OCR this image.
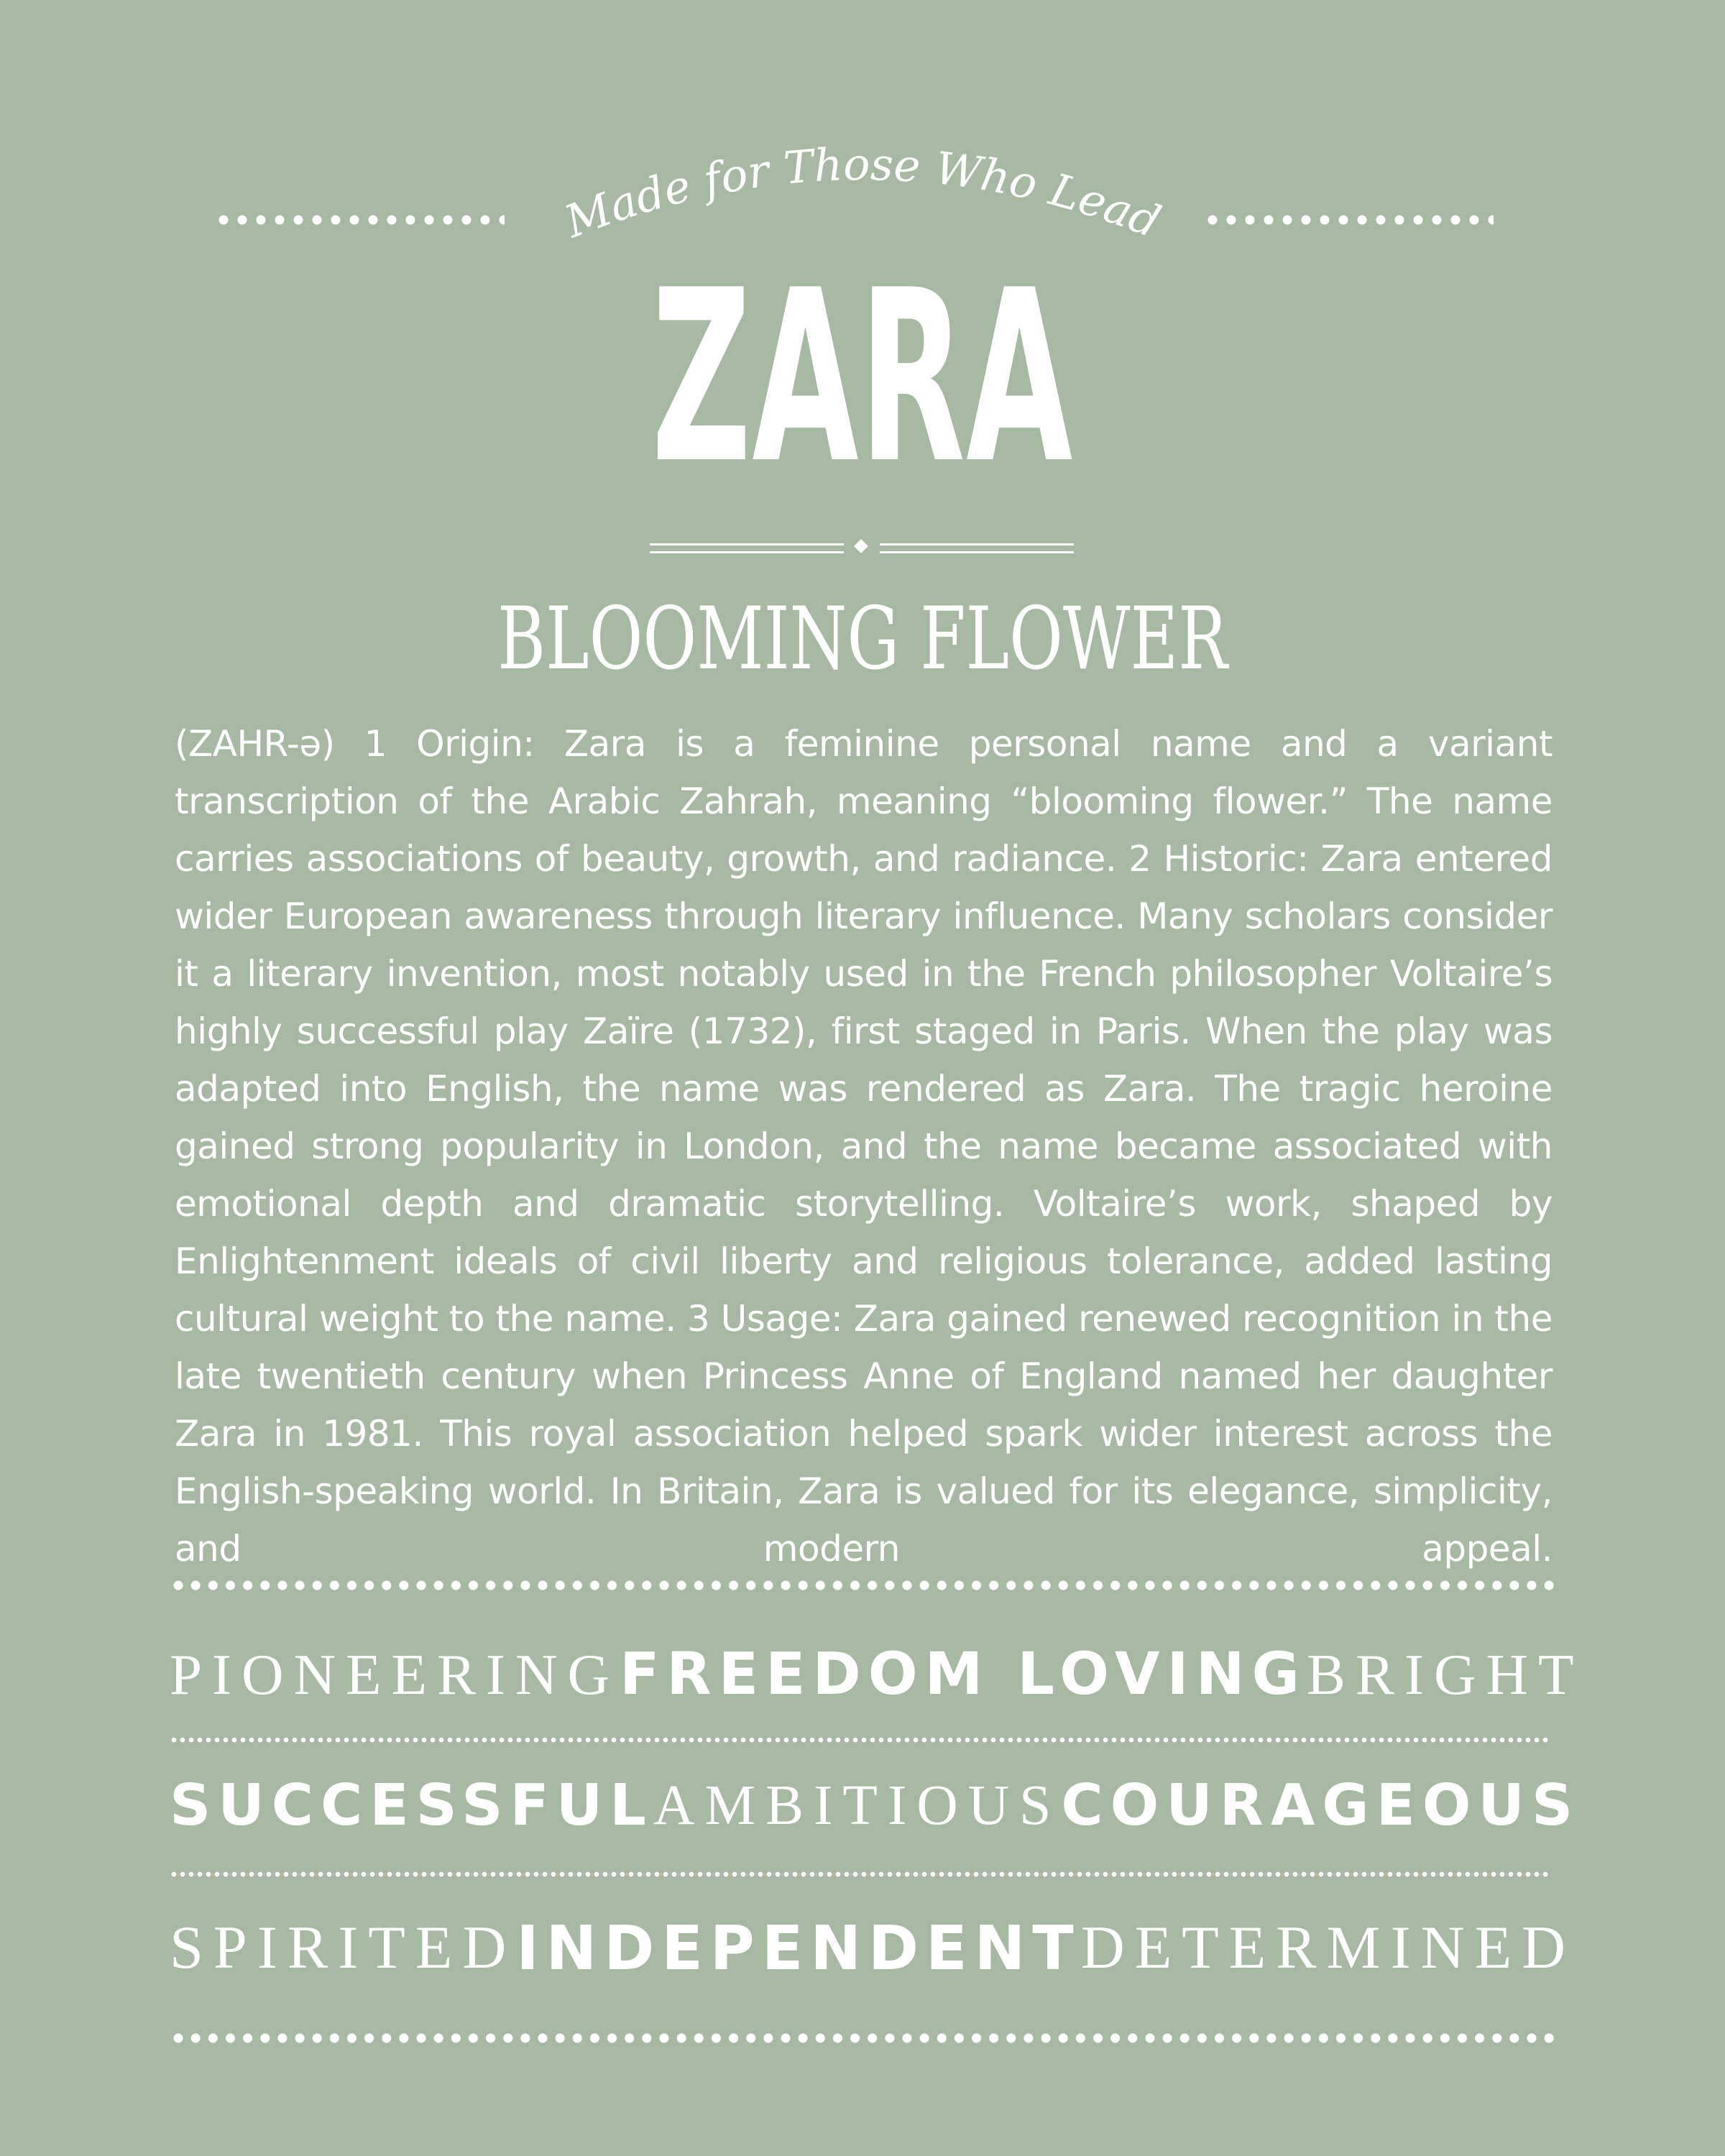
Made for Those Who Lead
ZARA
BLOOMING FLOWER
(ZAHR-ə) 1 Origin: Zara is a feminine personal name and a variant transcription of the Arabic Zahrah, meaning “blooming flower.” The name carries associations of beauty, growth, and radiance. 2 Historic: Zara entered wider European awareness through literary influence. Many scholars consider it a literary invention, most notably used in the French philosopher Voltaire’s highly successful play Zaïre (1732), first staged in Paris. When the play was adapted into English, the name was rendered as Zara. The tragic heroine gained strong popularity in London, and the name became associated with emotional depth and dramatic storytelling. Voltaire’s work, shaped by Enlightenment ideals of civil liberty and religious tolerance, added lasting cultural weight to the name. 3 Usage: Zara gained renewed recognition in the late twentieth century when Princess Anne of England named her daughter Zara in 1981. This royal association helped spark wider interest across the English-speaking world. In Britain, Zara is valued for its elegance, simplicity, and modern appeal.
PIONEERING FREEDOM LOVING BRIGHT
SUCCESSFUL AMBITIOUS COURAGEOUS
SPIRITED INDEPENDENT DETERMINED
